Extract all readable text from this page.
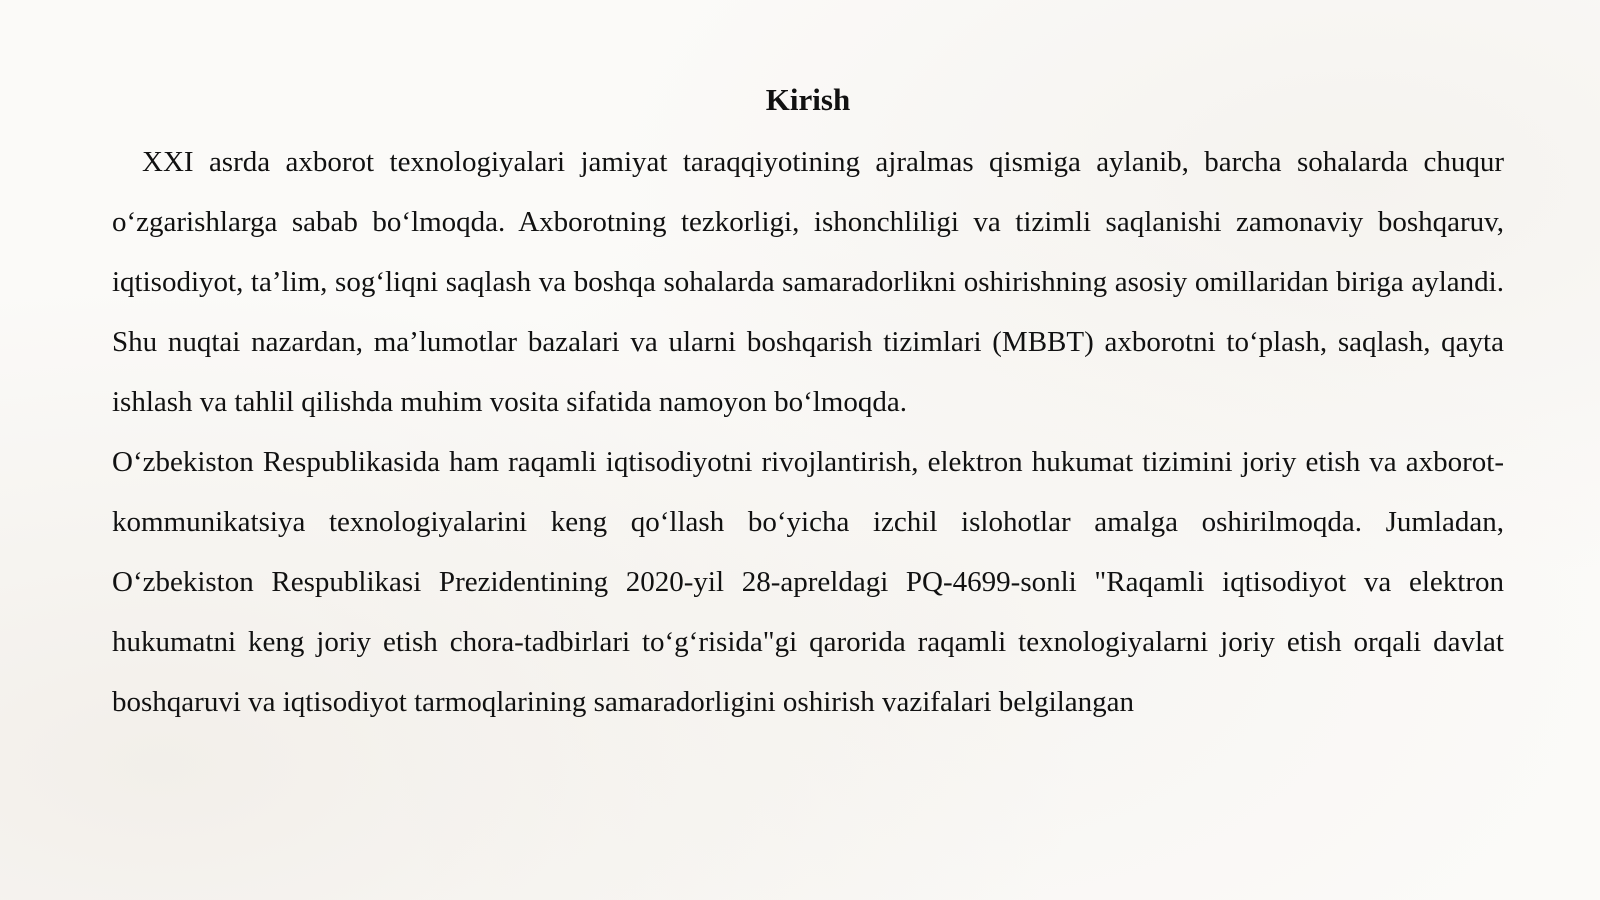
Kirish

XXI asrda axborot texnologiyalari jamiyat taraqqiyotining ajralmas qismiga aylanib, barcha sohalarda chuqur o‘zgarishlarga sabab bo‘lmoqda. Axborotning tezkorligi, ishonchliligi va tizimli saqlanishi zamonaviy boshqaruv, iqtisodiyot, ta’lim, sog‘liqni saqlash va boshqa sohalarda samaradorlikni oshirishning asosiy omillaridan biriga aylandi. Shu nuqtai nazardan, ma’lumotlar bazalari va ularni boshqarish tizimlari (MBBT) axborotni to‘plash, saqlash, qayta ishlash va tahlil qilishda muhim vosita sifatida namoyon bo‘lmoqda.

O‘zbekiston Respublikasida ham raqamli iqtisodiyotni rivojlantirish, elektron hukumat tizimini joriy etish va axborot-kommunikatsiya texnologiyalarini keng qo‘llash bo‘yicha izchil islohotlar amalga oshirilmoqda. Jumladan, O‘zbekiston Respublikasi Prezidentining 2020-yil 28-apreldagi PQ-4699-sonli "Raqamli iqtisodiyot va elektron hukumatni keng joriy etish chora-tadbirlari to‘g‘risida"gi qarorida raqamli texnologiyalarni joriy etish orqali davlat boshqaruvi va iqtisodiyot tarmoqlarining samaradorligini oshirish vazifalari belgilangan
